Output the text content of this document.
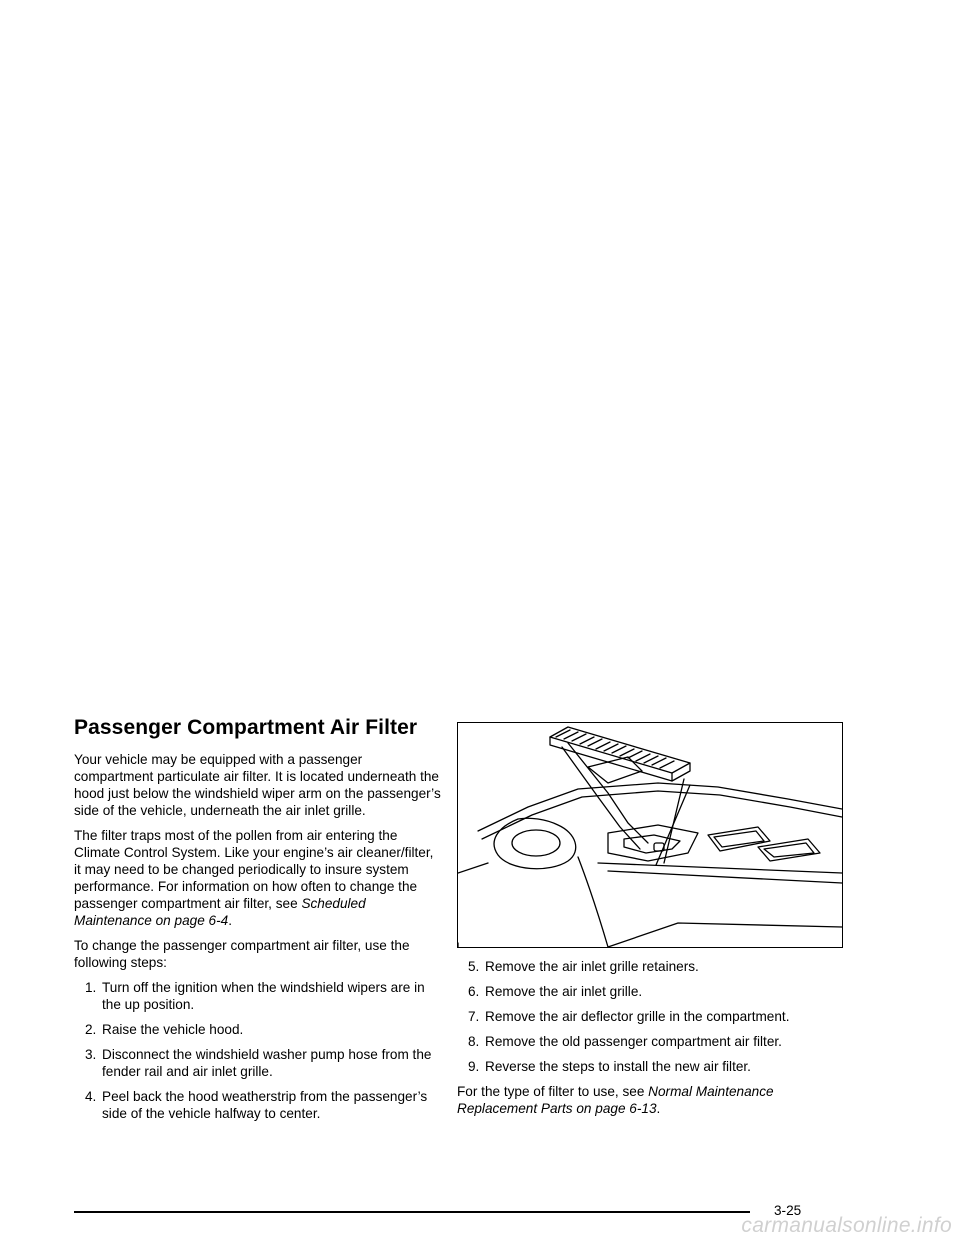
Passenger Compartment Air Filter

Your vehicle may be equipped with a passenger compartment particulate air filter. It is located underneath the hood just below the windshield wiper arm on the passenger’s side of the vehicle, underneath the air inlet grille.

The filter traps most of the pollen from air entering the Climate Control System. Like your engine’s air cleaner/filter, it may need to be changed periodically to insure system performance. For information on how often to change the passenger compartment air filter, see Scheduled Maintenance on page 6-4.

To change the passenger compartment air filter, use the following steps:

1. Turn off the ignition when the windshield wipers are in the up position.
2. Raise the vehicle hood.
3. Disconnect the windshield washer pump hose from the fender rail and air inlet grille.
4. Peel back the hood weatherstrip from the passenger’s side of the vehicle halfway to center.
5. Remove the air inlet grille retainers.
6. Remove the air inlet grille.
7. Remove the air deflector grille in the compartment.
8. Remove the old passenger compartment air filter.
9. Reverse the steps to install the new air filter.

For the type of filter to use, see Normal Maintenance Replacement Parts on page 6-13.

3-25
carmanualsonline.info
